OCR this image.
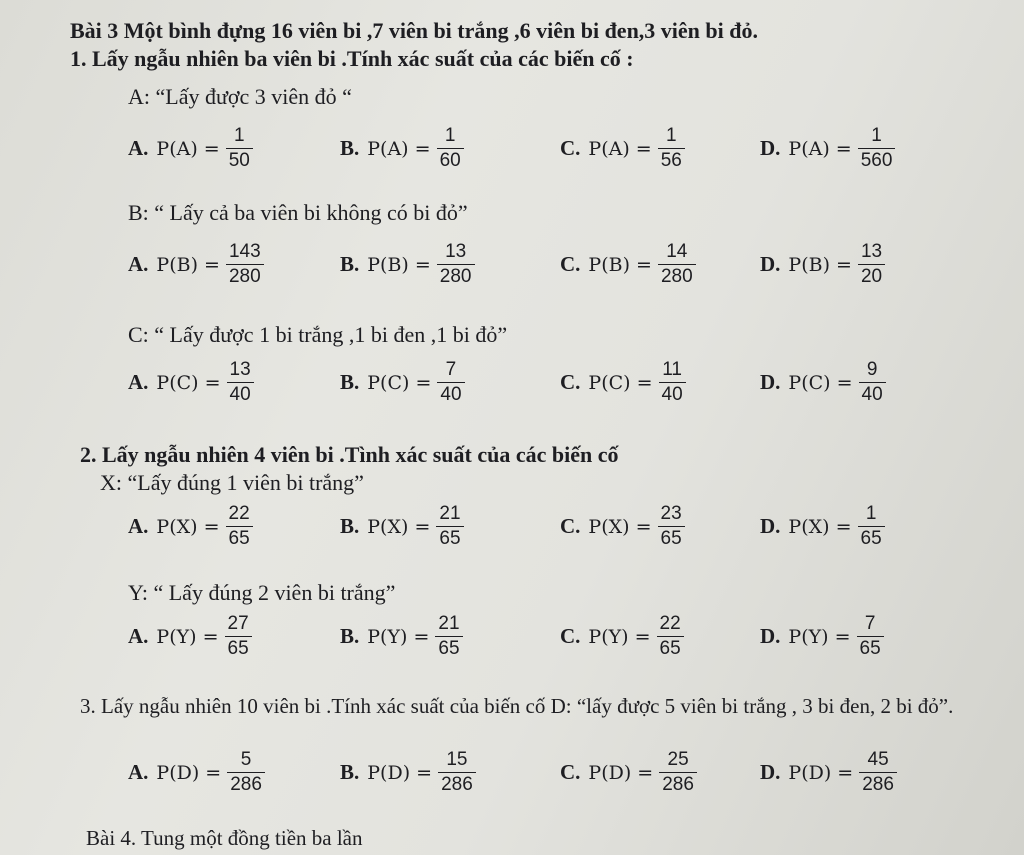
Bài 3 Một bình đựng 16 viên bi ,7 viên bi trắng ,6 viên bi đen,3 viên bi đỏ.
1. Lấy ngẫu nhiên ba viên bi .Tính xác suất của các biến cố :
A: “Lấy được 3 viên đỏ “
A. $P(A) = \frac{1}{50}$	B. $P(A) = \frac{1}{60}$	C. $P(A) = \frac{1}{56}$	D. $P(A) = \frac{1}{560}$
B: “ Lấy cả ba viên bi không có bi đỏ”
A. $P(B) = \frac{143}{280}$	B. $P(B) = \frac{13}{280}$	C. $P(B) = \frac{14}{280}$	D. $P(B) = \frac{13}{20}$
C: “ Lấy được 1 bi trắng ,1 bi đen ,1 bi đỏ”
A. $P(C) = \frac{13}{40}$	B. $P(C) = \frac{7}{40}$	C. $P(C) = \frac{11}{40}$	D. $P(C) = \frac{9}{40}$
2. Lấy ngẫu nhiên 4 viên bi .Tình xác suất của các biến cố
X: “Lấy đúng 1 viên bi trắng”
A. $P(X) = \frac{22}{65}$	B. $P(X) = \frac{21}{65}$	C. $P(X) = \frac{23}{65}$	D. $P(X) = \frac{1}{65}$
Y: “ Lấy đúng 2 viên bi trắng”
A. $P(Y) = \frac{27}{65}$	B. $P(Y) = \frac{21}{65}$	C. $P(Y) = \frac{22}{65}$	D. $P(Y) = \frac{7}{65}$
3. Lấy ngẫu nhiên 10 viên bi .Tính xác suất của biến cố D: “lấy được 5 viên bi trắng , 3 bi đen, 2 bi đỏ”.
A. $P(D) = \frac{5}{286}$	B. $P(D) = \frac{15}{286}$	C. $P(D) = \frac{25}{286}$	D. $P(D) = \frac{45}{286}$
Bài 4. Tung một đồng tiền ba lần
